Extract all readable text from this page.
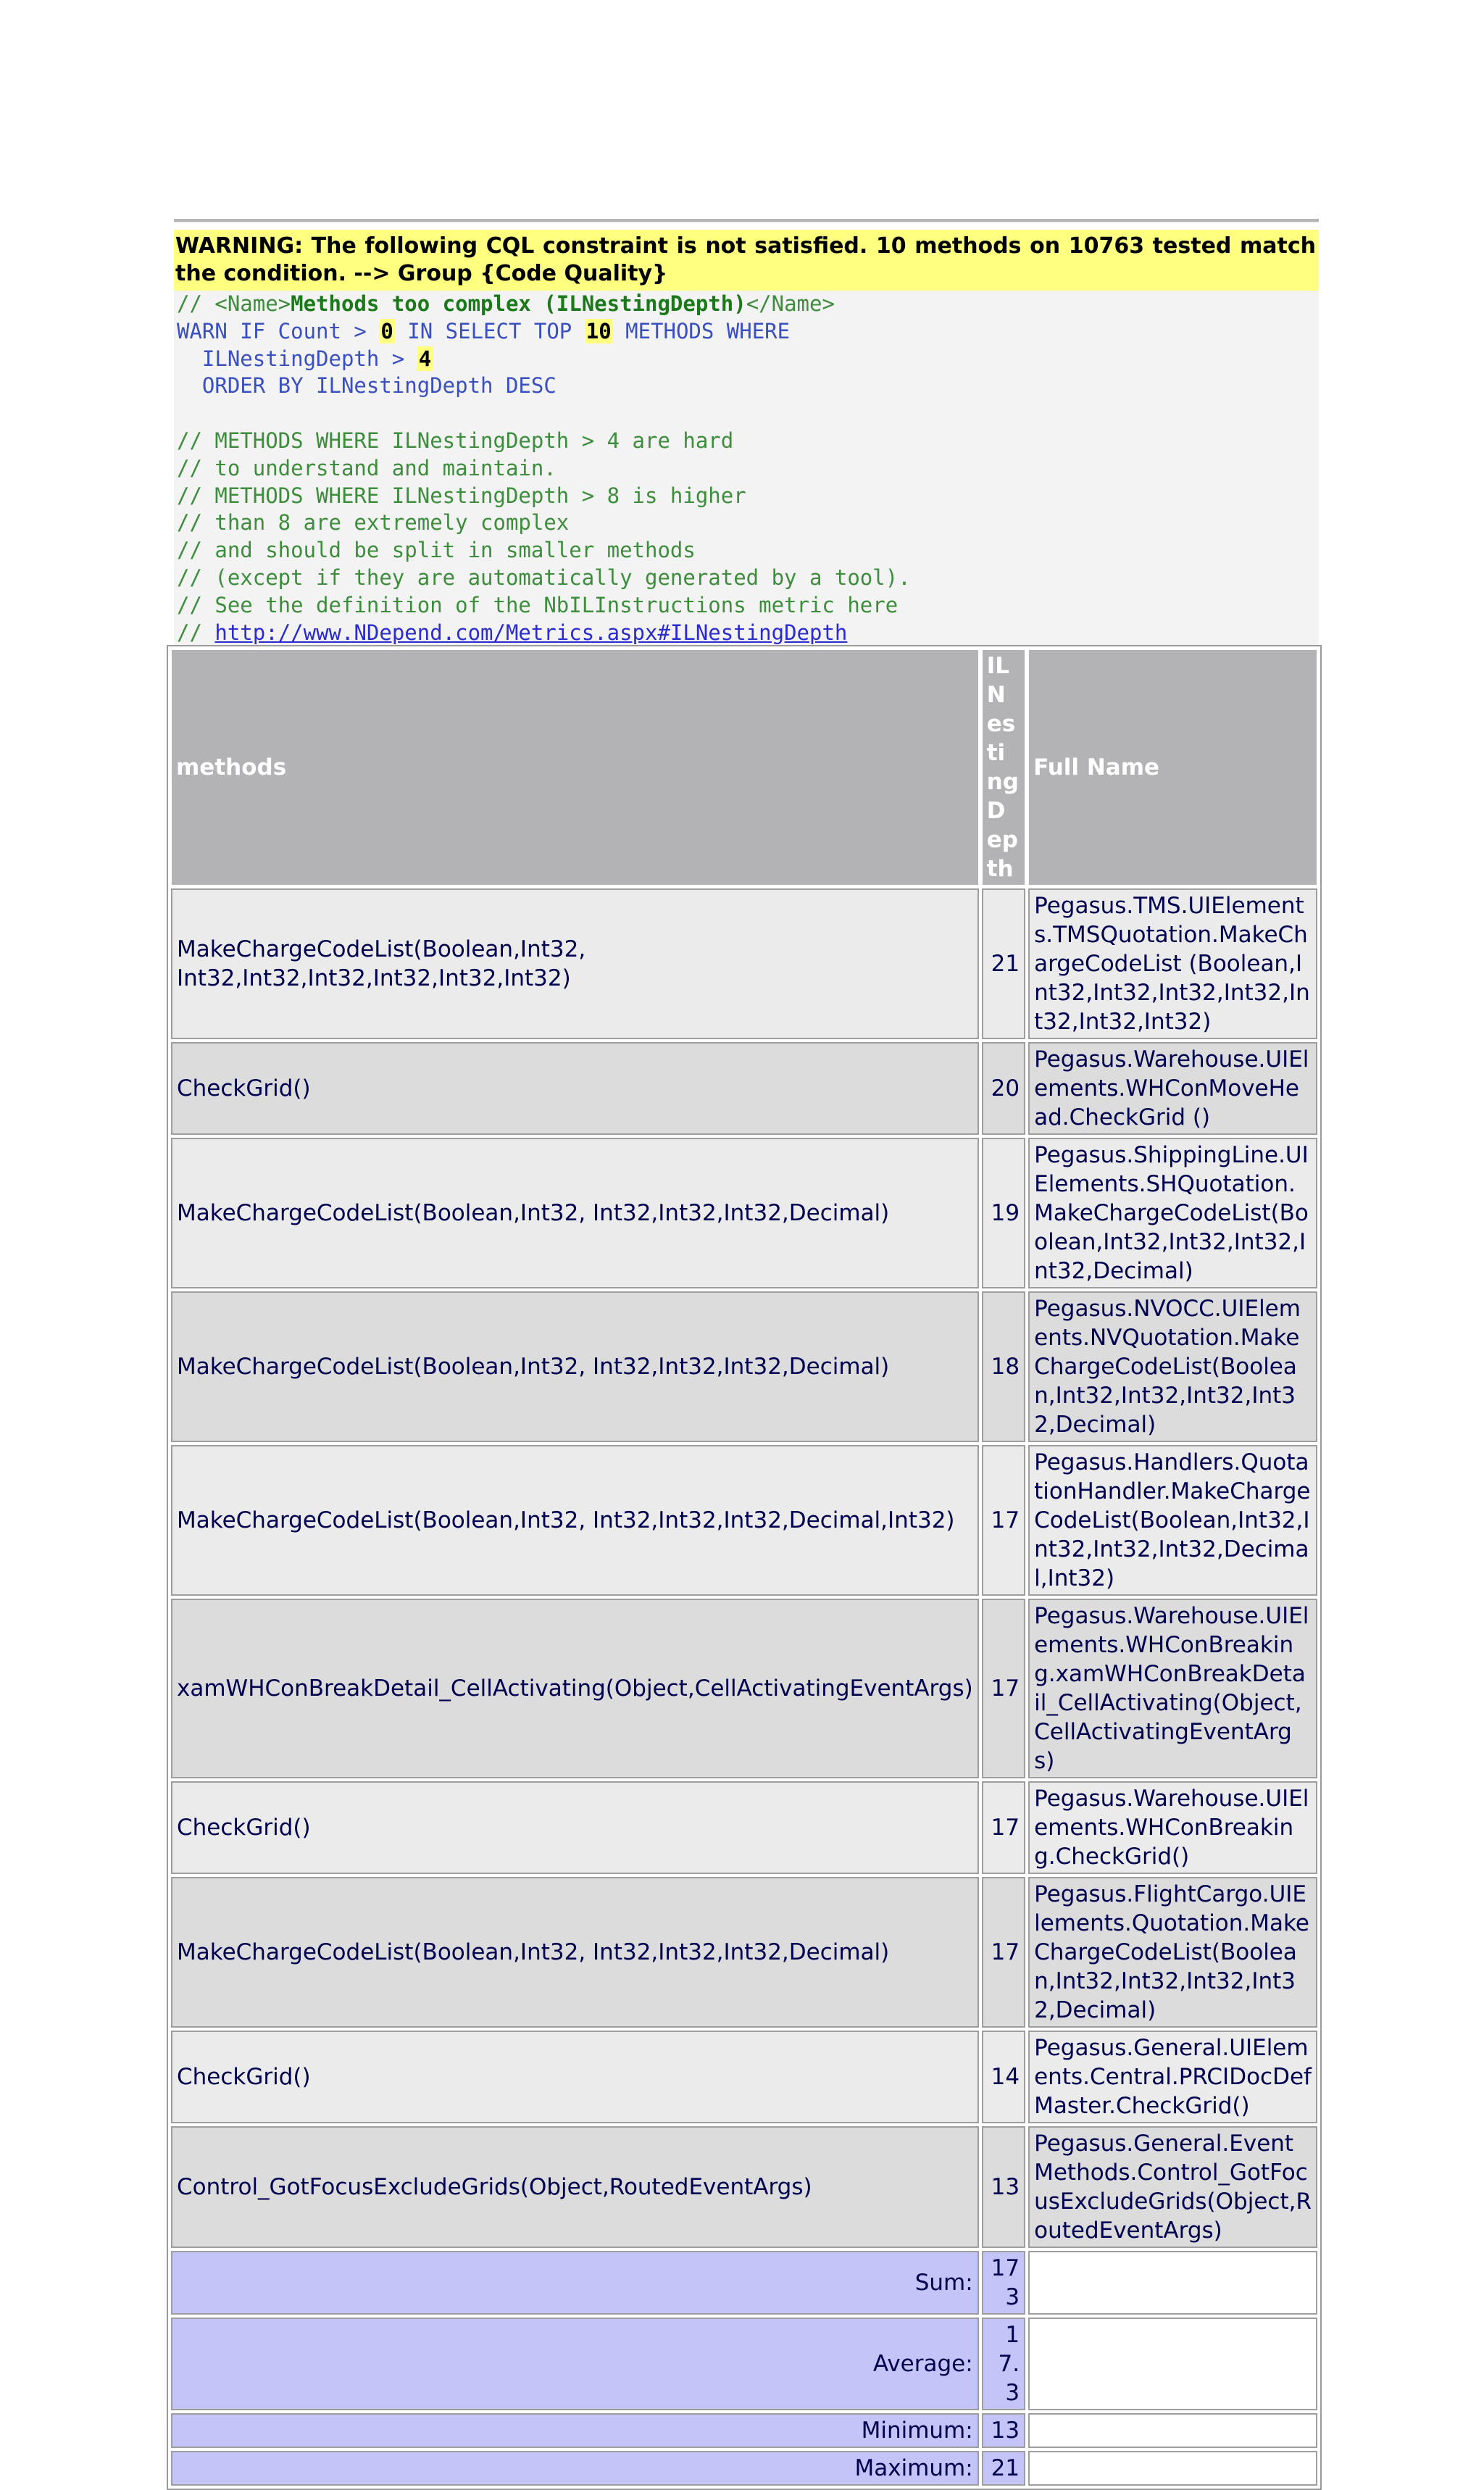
WARNING: The following CQL constraint is not satisfied. 10 methods on 10763 tested match the condition. --> Group {Code Quality}
// <Name>Methods too complex (ILNestingDepth)</Name>
WARN IF Count > 0 IN SELECT TOP 10 METHODS WHERE
ILNestingDepth > 4
ORDER BY ILNestingDepth DESC

// METHODS WHERE ILNestingDepth > 4 are hard
// to understand and maintain.
// METHODS WHERE ILNestingDepth > 8 is higher
// than 8 are extremely complex
// and should be split in smaller methods
// (except if they are automatically generated by a tool).
// See the definition of the NbILInstructions metric here
// http://www.NDepend.com/Metrics.aspx#ILNestingDepth
methods	IL Nesting Depth	Full Name
MakeChargeCodeList(Boolean,Int32, Int32,Int32,Int32,Int32,Int32,Int32)	21	Pegasus.TMS.UIElements.TMSQuotation.MakeChargeCodeList (Boolean,Int32,Int32,Int32,Int32,Int32,Int32,Int32)
CheckGrid()	20	Pegasus.Warehouse.UIElements.WHConMoveHead.CheckGrid ()
MakeChargeCodeList(Boolean,Int32, Int32,Int32,Int32,Decimal)	19	Pegasus.ShippingLine.UIElements.SHQuotation.MakeChargeCodeList(Boolean,Int32,Int32,Int32,Int32,Decimal)
MakeChargeCodeList(Boolean,Int32, Int32,Int32,Int32,Decimal)	18	Pegasus.NVOCC.UIElements.NVQuotation.MakeChargeCodeList(Boolean,Int32,Int32,Int32,Int32,Decimal)
MakeChargeCodeList(Boolean,Int32, Int32,Int32,Int32,Decimal,Int32)	17	Pegasus.Handlers.QuotationHandler.MakeChargeCodeList(Boolean,Int32,Int32,Int32,Int32,Decimal,Int32)
xamWHConBreakDetail_CellActivating(Object,CellActivatingEventArgs)	17	Pegasus.Warehouse.UIElements.WHConBreaking.xamWHConBreakDetail_CellActivating(Object,CellActivatingEventArgs)
CheckGrid()	17	Pegasus.Warehouse.UIElements.WHConBreaking.CheckGrid()
MakeChargeCodeList(Boolean,Int32, Int32,Int32,Int32,Decimal)	17	Pegasus.FlightCargo.UIElements.Quotation.MakeChargeCodeList(Boolean,Int32,Int32,Int32,Int32,Decimal)
CheckGrid()	14	Pegasus.General.UIElements.Central.PRCIDocDefMaster.CheckGrid()
Control_GotFocusExcludeGrids(Object,RoutedEventArgs)	13	Pegasus.General.EventMethods.Control_GotFocusExcludeGrids(Object,RoutedEventArgs)
Sum:	173	
Average:	17.3	
Minimum:	13	
Maximum:	21	
